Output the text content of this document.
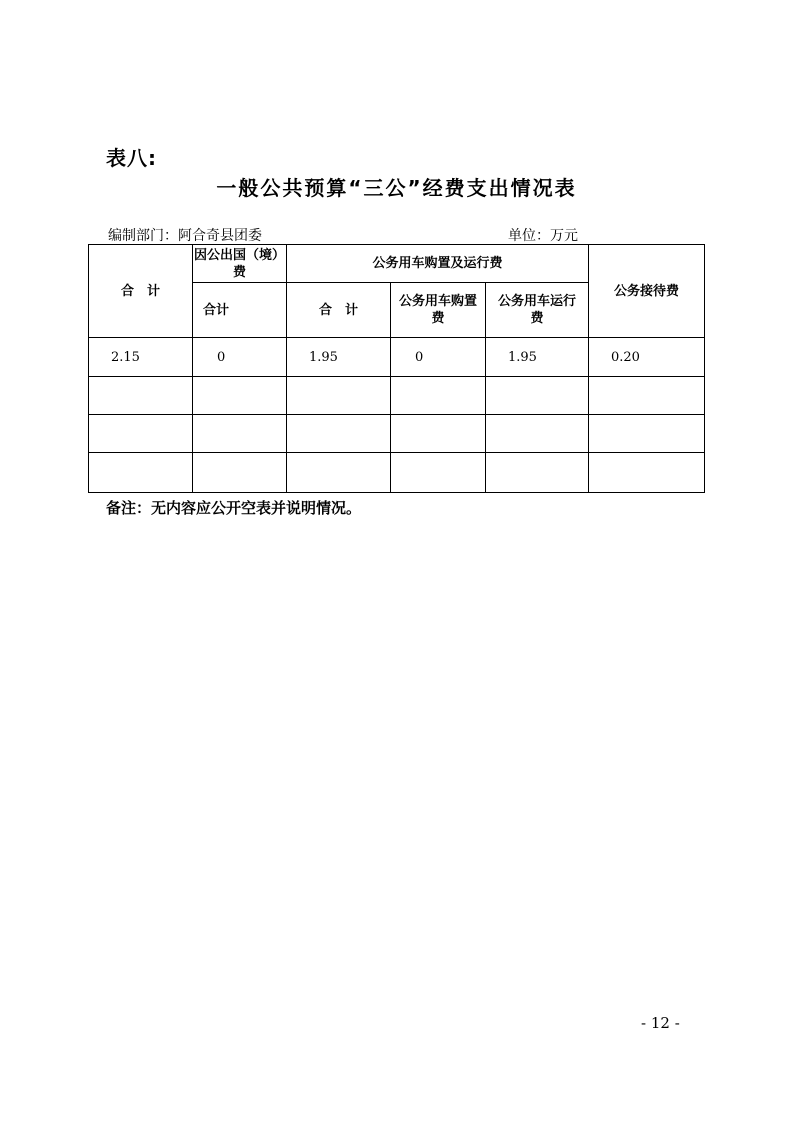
表八:
一般公共预算“三公”经费支出情况表
编制部门：阿合奇县团委	单位：万元
合　计	因公出国（境）费	公务用车购置及运行费			公务接待费
	合计	合　计	公务用车购置费	公务用车运行费	
2.15	0	1.95	0	1.95	0.20

备注：无内容应公开空表并说明情况。
- 12 -
